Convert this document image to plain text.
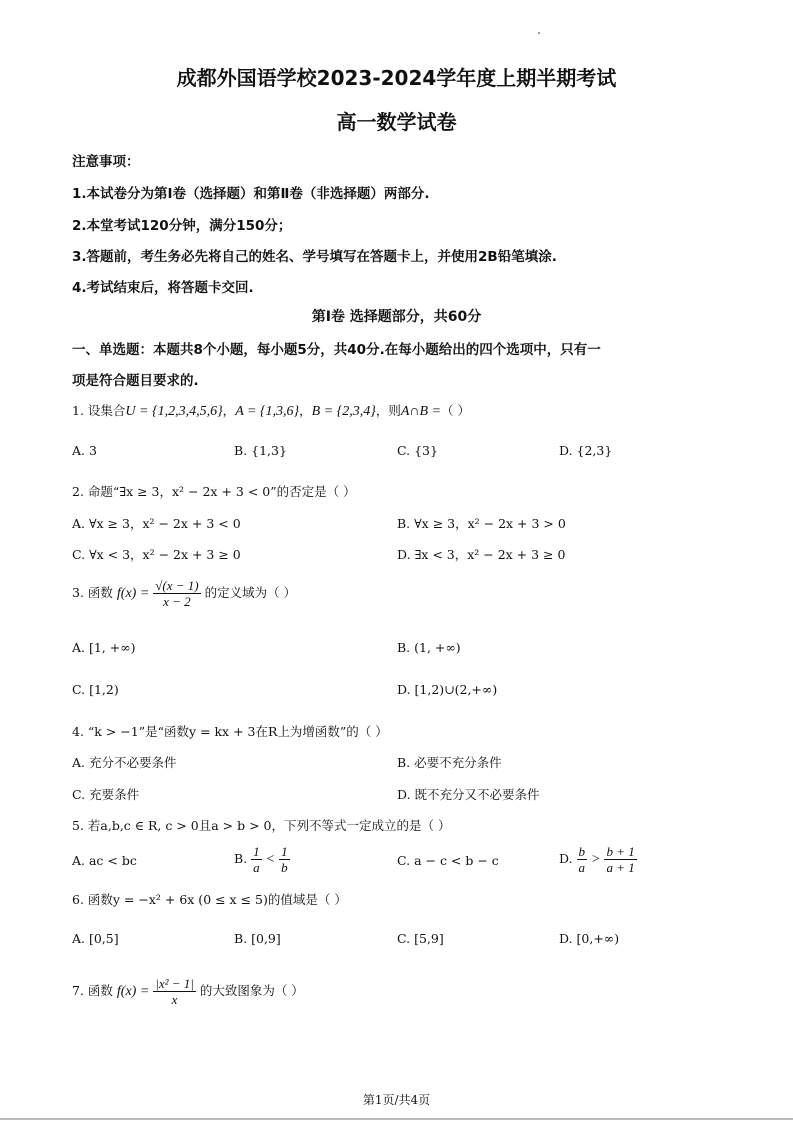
成都外国语学校2023-2024学年度上期半期考试
高一数学试卷
注意事项：
1.本试卷分为第Ⅰ卷（选择题）和第Ⅱ卷（非选择题）两部分.
2.本堂考试120分钟，满分150分；
3.答题前，考生务必先将自己的姓名、学号填写在答题卡上，并使用2B铅笔填涂.
4.考试结束后，将答题卡交回.
第Ⅰ卷 选择题部分，共60分
一、单选题：本题共8个小题，每小题5分，共40分.在每小题给出的四个选项中，只有一
项是符合题目要求的.
1. 设集合U = {1,2,3,4,5,6}，A = {1,3,6}，B = {2,3,4}，则A∩B =（ ）
A. 3	B. {1,3}	C. {3}	D. {2,3}
2. 命题“∃x ≥ 3，x² − 2x + 3 < 0”的否定是（ ）
A. ∀x ≥ 3，x² − 2x + 3 < 0	B. ∀x ≥ 3，x² − 2x + 3 > 0
C. ∀x < 3，x² − 2x + 3 ≥ 0	D. ∃x < 3，x² − 2x + 3 ≥ 0
3. 函数 $f(x) = \frac{√(x - 1)}{x - 2}$ 的定义域为（ ）
A. [1, +∞)	B. (1, +∞)
C. [1,2)	D. [1,2)∪(2,+∞)
4. “k > −1”是“函数y = kx + 3在R上为增函数”的（ ）
A. 充分不必要条件	B. 必要不充分条件
C. 充要条件	D. 既不充分又不必要条件
5. 若a,b,c ∈ R, c > 0且a > b > 0，下列不等式一定成立的是（ ）
A. ac < bc	B. $\frac{1}{a} < \frac{1}{b}$	C. a − c < b − c	D. $\frac{b}{a} > \frac{b + 1}{a + 1}$
6. 函数y = −x² + 6x (0 ≤ x ≤ 5)的值域是（ ）
A. [0,5]	B. [0,9]	C. [5,9]	D. [0,+∞)
7. 函数 $f(x) = \frac{\text{|x² − 1|}}{x}$ 的大致图象为（ ）
第1页/共4页
